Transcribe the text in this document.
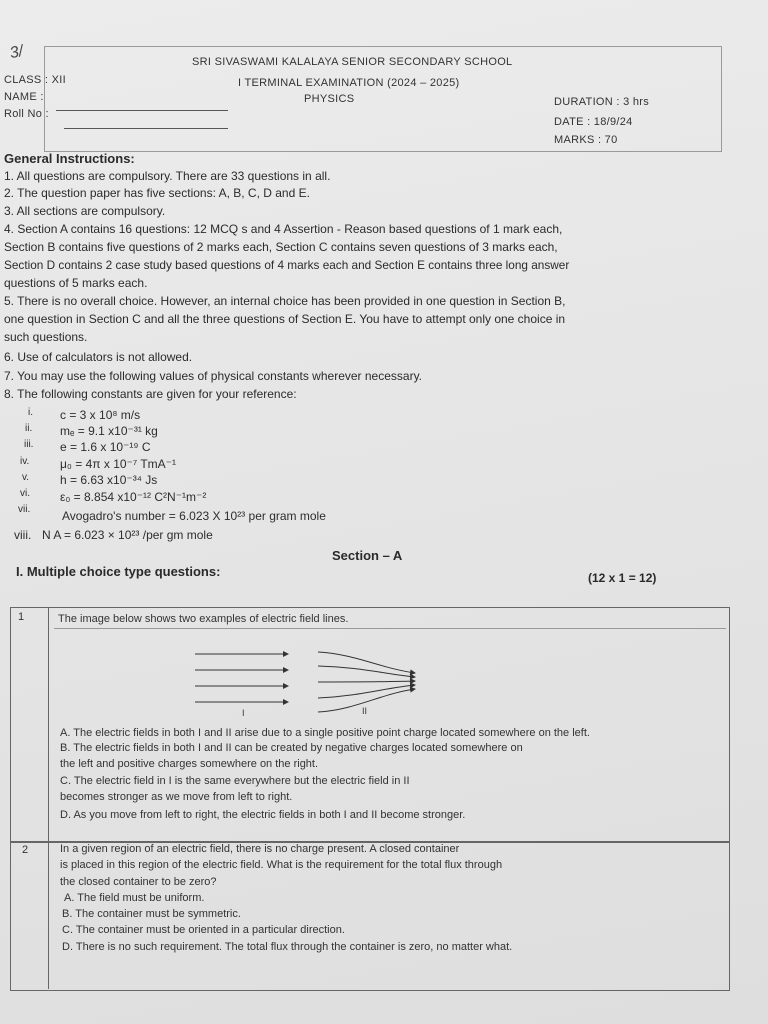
3/	SRI SIVASWAMI KALALAYA SENIOR SECONDARY SCHOOL
I TERMINAL EXAMINATION (2024 – 2025)
PHYSICS
CLASS : XII
NAME :
Roll No :
DURATION : 3 hrs
DATE : 18/9/24
MARKS : 70
General Instructions:
1. All questions are compulsory. There are 33 questions in all.
2. The question paper has five sections: A, B, C, D and E.
3. All sections are compulsory.
4. Section A contains 16 questions: 12 MCQ s and 4 Assertion - Reason based questions of 1 mark each,
Section B contains five questions of 2 marks each, Section C contains seven questions of 3 marks each,
Section D contains 2 case study based questions of 4 marks each and Section E contains three long answer
questions of 5 marks each.
5. There is no overall choice. However, an internal choice has been provided in one question in Section B,
one question in Section C and all the three questions of Section E. You have to attempt only one choice in
such questions.
6. Use of calculators is not allowed.
7. You may use the following values of physical constants wherever necessary.
8. The following constants are given for your reference:
i. c = 3 x 10⁸ m/s
ii. mₑ = 9.1 x10⁻³¹ kg
iii. e = 1.6 x 10⁻¹⁹ C
iv.	μ₀ = 4π x 10⁻⁷ TmA⁻¹
v.	h = 6.63 x10⁻³⁴ Js
vi.	ε₀ = 8.854 x10⁻¹² C²N⁻¹m⁻²
vii.	Avogadro's number = 6.023 X 10²³ per gram mole
viii. N A = 6.023 × 10²³ /per gm mole
Section – A
I. Multiple choice type questions:	(12 x 1 = 12)
1	The image below shows two examples of electric field lines.
I	II
A. The electric fields in both I and II arise due to a single positive point charge located somewhere on the left.
B. The electric fields in both I and II can be created by negative charges located somewhere on
the left and positive charges somewhere on the right.
C. The electric field in I is the same everywhere but the electric field in II
becomes stronger as we move from left to right.
D. As you move from left to right, the electric fields in both I and II become stronger.
2	In a given region of an electric field, there is no charge present. A closed container
is placed in this region of the electric field. What is the requirement for the total flux through
the closed container to be zero?
A. The field must be uniform.
B. The container must be symmetric.
C. The container must be oriented in a particular direction.
D. There is no such requirement. The total flux through the container is zero, no matter what.
